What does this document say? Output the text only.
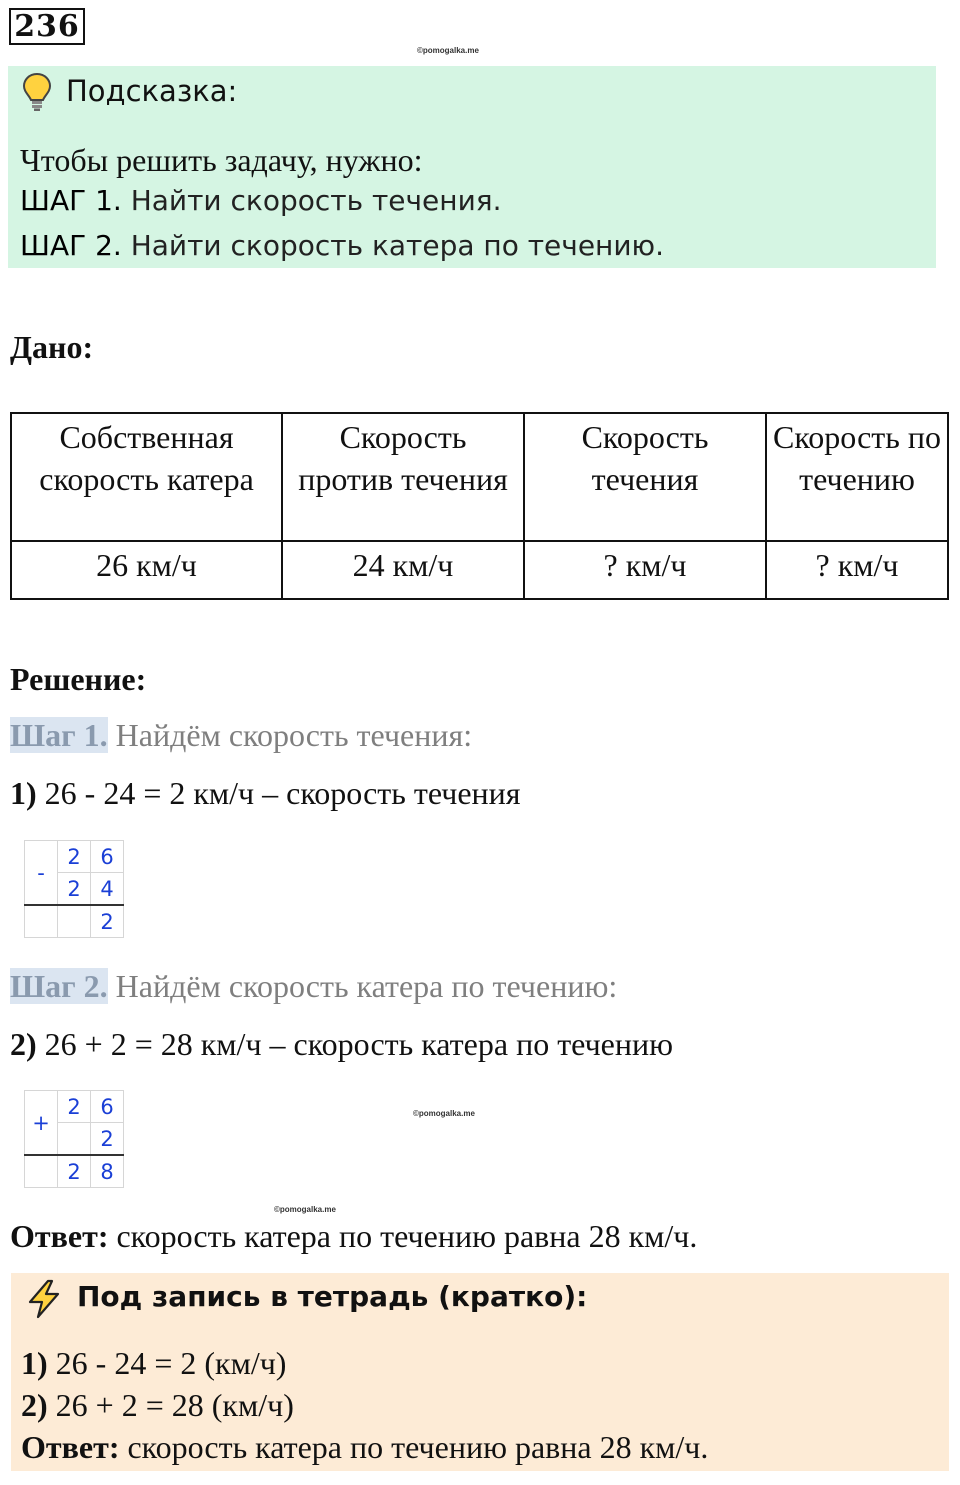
236
©pomogalka.me
Подсказка:
Чтобы решить задачу, нужно:
ШАГ 1. Найти скорость течения.
ШАГ 2. Найти скорость катера по течению.
Дано:
Собственная скорость катера	Скорость против течения	Скорость течения	Скорость по течению
26 км/ч	24 км/ч	? км/ч	? км/ч
Решение:
Шаг 1. Найдём скорость течения:
1) 26 - 24 = 2 км/ч – скорость течения
-	2	6
	2	4
		2
Шаг 2. Найдём скорость катера по течению:
2) 26 + 2 = 28 км/ч – скорость катера по течению
+	2	6
		2
	2	8
©pomogalka.me
©pomogalka.me
Ответ: скорость катера по течению равна 28 км/ч.
Под запись в тетрадь (кратко):
1) 26 - 24 = 2 (км/ч)
2) 26 + 2 = 28 (км/ч)
Ответ: скорость катера по течению равна 28 км/ч.
